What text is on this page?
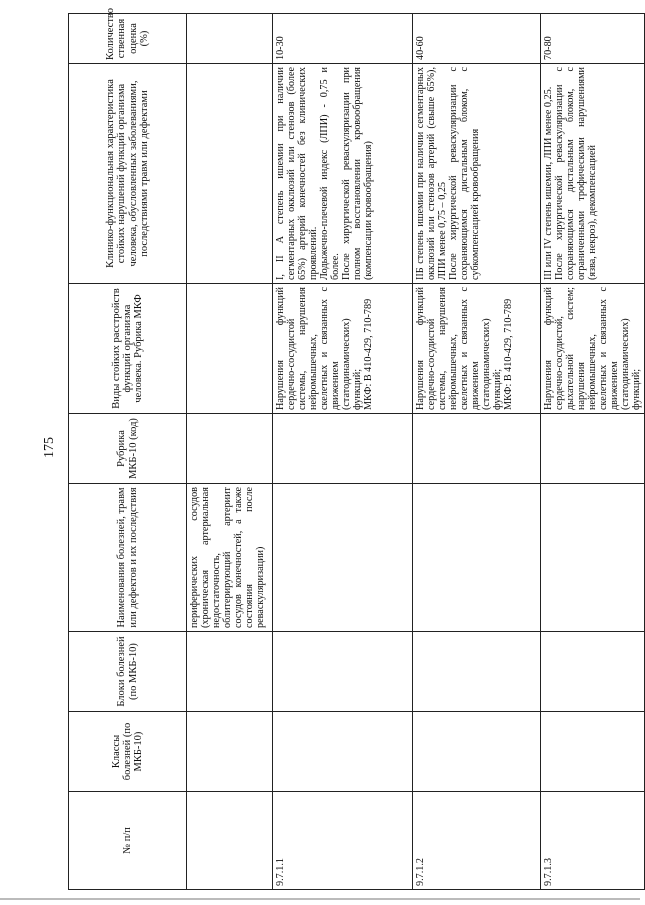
175
№ п/п	Классы болезней (по МКБ-10)	Блоки болезней (по МКБ-10)	Наименования болезней, травм или дефектов и их последствия	Рубрика МКБ-10 (код)	Виды стойких расстройств функций организма человека. Рубрика МКФ	Клинико-функциональная характеристика стойких нарушений функций организма человека, обусловленных заболеваниями, последствиями травм или дефектами	Количество ственная оценка (%)
			периферических сосудов (хроническая артериальная недостаточность, облитерирующий артериит сосудов конечностей, а также состояния после реваскуляризации)				
9.7.1.1					Нарушения функций сердечно-сосудистой системы, нарушения нейромышечных, скелетных и связанных с движением (статодинамических) функций;
МКФ: В 410-429, 710-789	I, II А степень ишемии при наличии сегментарных окклюзий или стенозов (более 65%) артерий конечностей без клинических проявлений.
Лодыжечно-плечевой индекс (ЛПИ) - 0,75 и более.
После хирургической реваскуляризации при полном восстановлении кровообращения (компенсации кровообращения)	10-30
9.7.1.2					Нарушения функций сердечно-сосудистой системы, нарушения нейромышечных, скелетных и связанных с движением (статодинамических) функций;
МКФ: В 410-429, 710-789	IIБ степень ишемии при наличии сегментарных окклюзий или стенозов артерий (свыше 65%), ЛПИ менее 0,75 – 0,25
После хирургической реваскуляризации с сохраняющимся дистальным блоком, с субкомпенсацией кровообращения	40-60
9.7.1.3					Нарушения функций сердечно-сосудистой, дыхательной систем; нарушения нейромышечных, скелетных и связанных с движением (статодинамических) функций;	III или IV степень ишемии, ЛПИ менее 0,25.
После хирургической реваскуляризации с сохраняющимся дистальным блоком, с ограниченными трофическими нарушениями (язва, некроз), декомпенсацией	70-80
